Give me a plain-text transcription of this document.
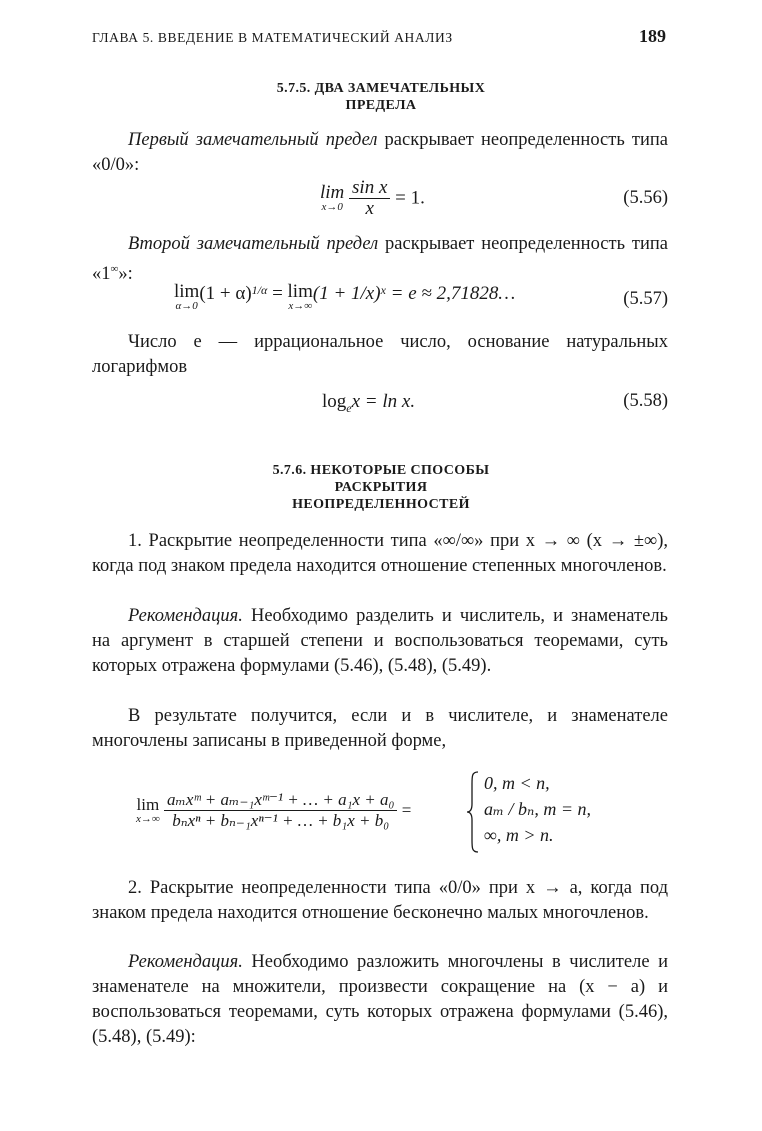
ГЛАВА 5. ВВЕДЕНИЕ В МАТЕМАТИЧЕСКИЙ АНАЛИЗ	189
5.7.5. ДВА ЗАМЕЧАТЕЛЬНЫХ
ПРЕДЕЛА
Первый замечательный предел раскрывает неопределенность типа «0/0»:
lim
x→0
$\frac{\text{sin x}}{x} = 1$.	(5.56)
Второй замечательный предел раскрывает неопределенность типа «1∞»:
lim
α→0
$(1 + \alpha)^{1/\alpha} = \lim$
x→∞
$(1 + 1/x)^x = e$ ≈ 2,71828…	(5.57)
Число e — иррациональное число, основание натуральных логарифмов
$\log_ex = \ln x$.	(5.58)
5.7.6. НЕКОТОРЫЕ СПОСОБЫ
РАСКРЫТИЯ
НЕОПРЕДЕЛЕННОСТЕЙ
1. Раскрытие неопределенности типа «∞/∞» при x → ∞ (x → ±∞), когда под знаком предела находится отношение степенных многочленов.
Рекомендация. Необходимо разделить и числитель, и знаменатель на аргумент в старшей степени и воспользоваться теоремами, суть которых отражена формулами (5.46), (5.48), (5.49).
В результате получится, если и в числителе, и знаменателе многочлены записаны в приведенной форме,
lim
x→∞
$\frac{\text{aₘxᵐ + aₘ₋₁xᵐ⁻¹ + … + a₁x + a₀}}{\text{bₙxⁿ + bₙ₋₁xⁿ⁻¹ + … + b₁x + b₀}}$ =
0, m < n,
aₘ / bₙ, m = n,
∞, m > n.
2. Раскрытие неопределенности типа «0/0» при x → a, когда под знаком предела находится отношение бесконечно малых многочленов.
Рекомендация. Необходимо разложить многочлены в числителе и знаменателе на множители, произвести сокращение на (x − a) и воспользоваться теоремами, суть которых отражена формулами (5.46), (5.48), (5.49):
